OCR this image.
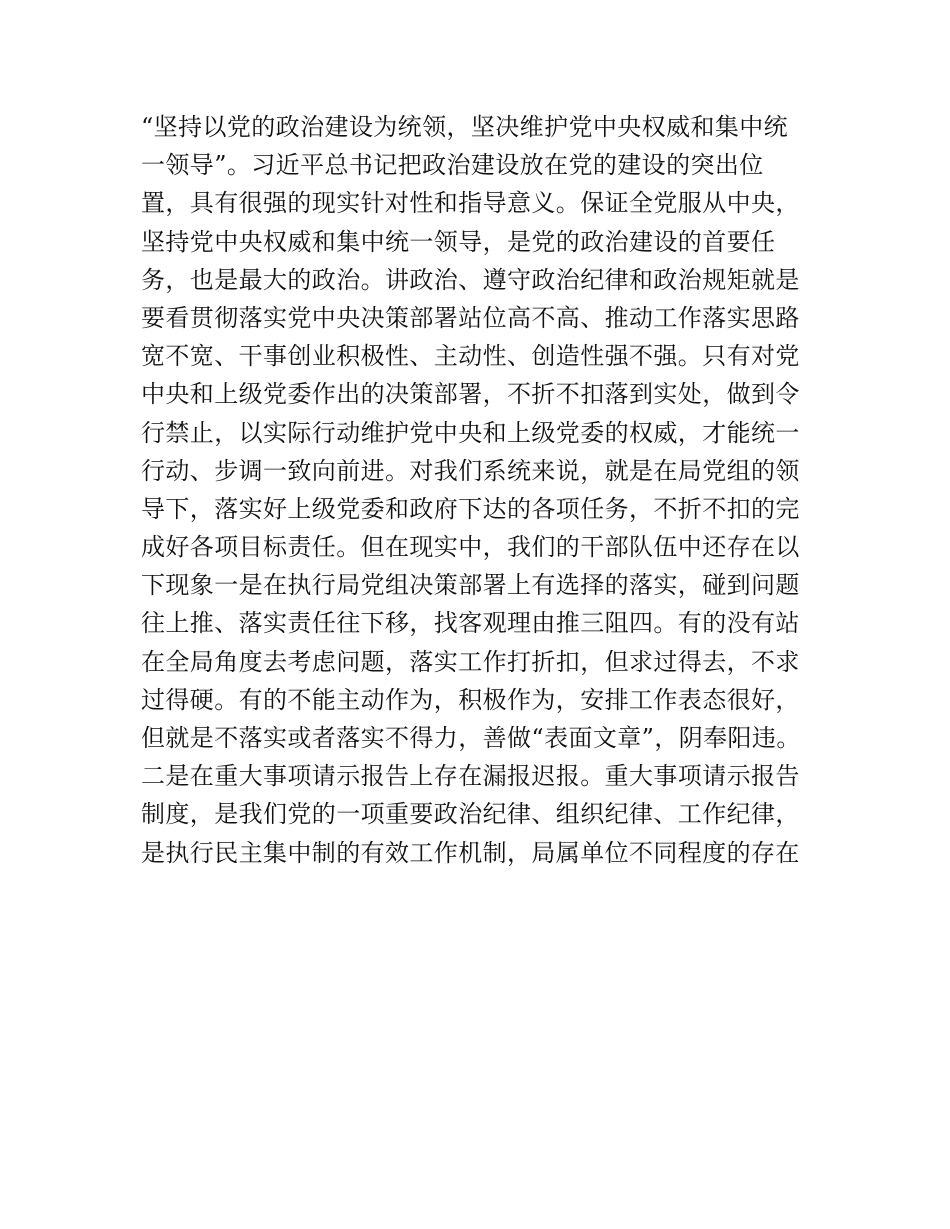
“坚持以党的政治建设为统领，坚决维护党中央权威和集中统
一领导”。习近平总书记把政治建设放在党的建设的突出位
置，具有很强的现实针对性和指导意义。保证全党服从中央，
坚持党中央权威和集中统一领导，是党的政治建设的首要任
务，也是最大的政治。讲政治、遵守政治纪律和政治规矩就是
要看贯彻落实党中央决策部署站位高不高、推动工作落实思路
宽不宽、干事创业积极性、主动性、创造性强不强。只有对党
中央和上级党委作出的决策部署，不折不扣落到实处，做到令
行禁止，以实际行动维护党中央和上级党委的权威，才能统一
行动、步调一致向前进。对我们系统来说，就是在局党组的领
导下，落实好上级党委和政府下达的各项任务，不折不扣的完
成好各项目标责任。但在现实中，我们的干部队伍中还存在以
下现象一是在执行局党组决策部署上有选择的落实，碰到问题
往上推、落实责任往下移，找客观理由推三阻四。有的没有站
在全局角度去考虑问题，落实工作打折扣，但求过得去，不求
过得硬。有的不能主动作为，积极作为，安排工作表态很好，
但就是不落实或者落实不得力，善做“表面文章”，阴奉阳违。
二是在重大事项请示报告上存在漏报迟报。重大事项请示报告
制度，是我们党的一项重要政治纪律、组织纪律、工作纪律，
是执行民主集中制的有效工作机制，局属单位不同程度的存在
